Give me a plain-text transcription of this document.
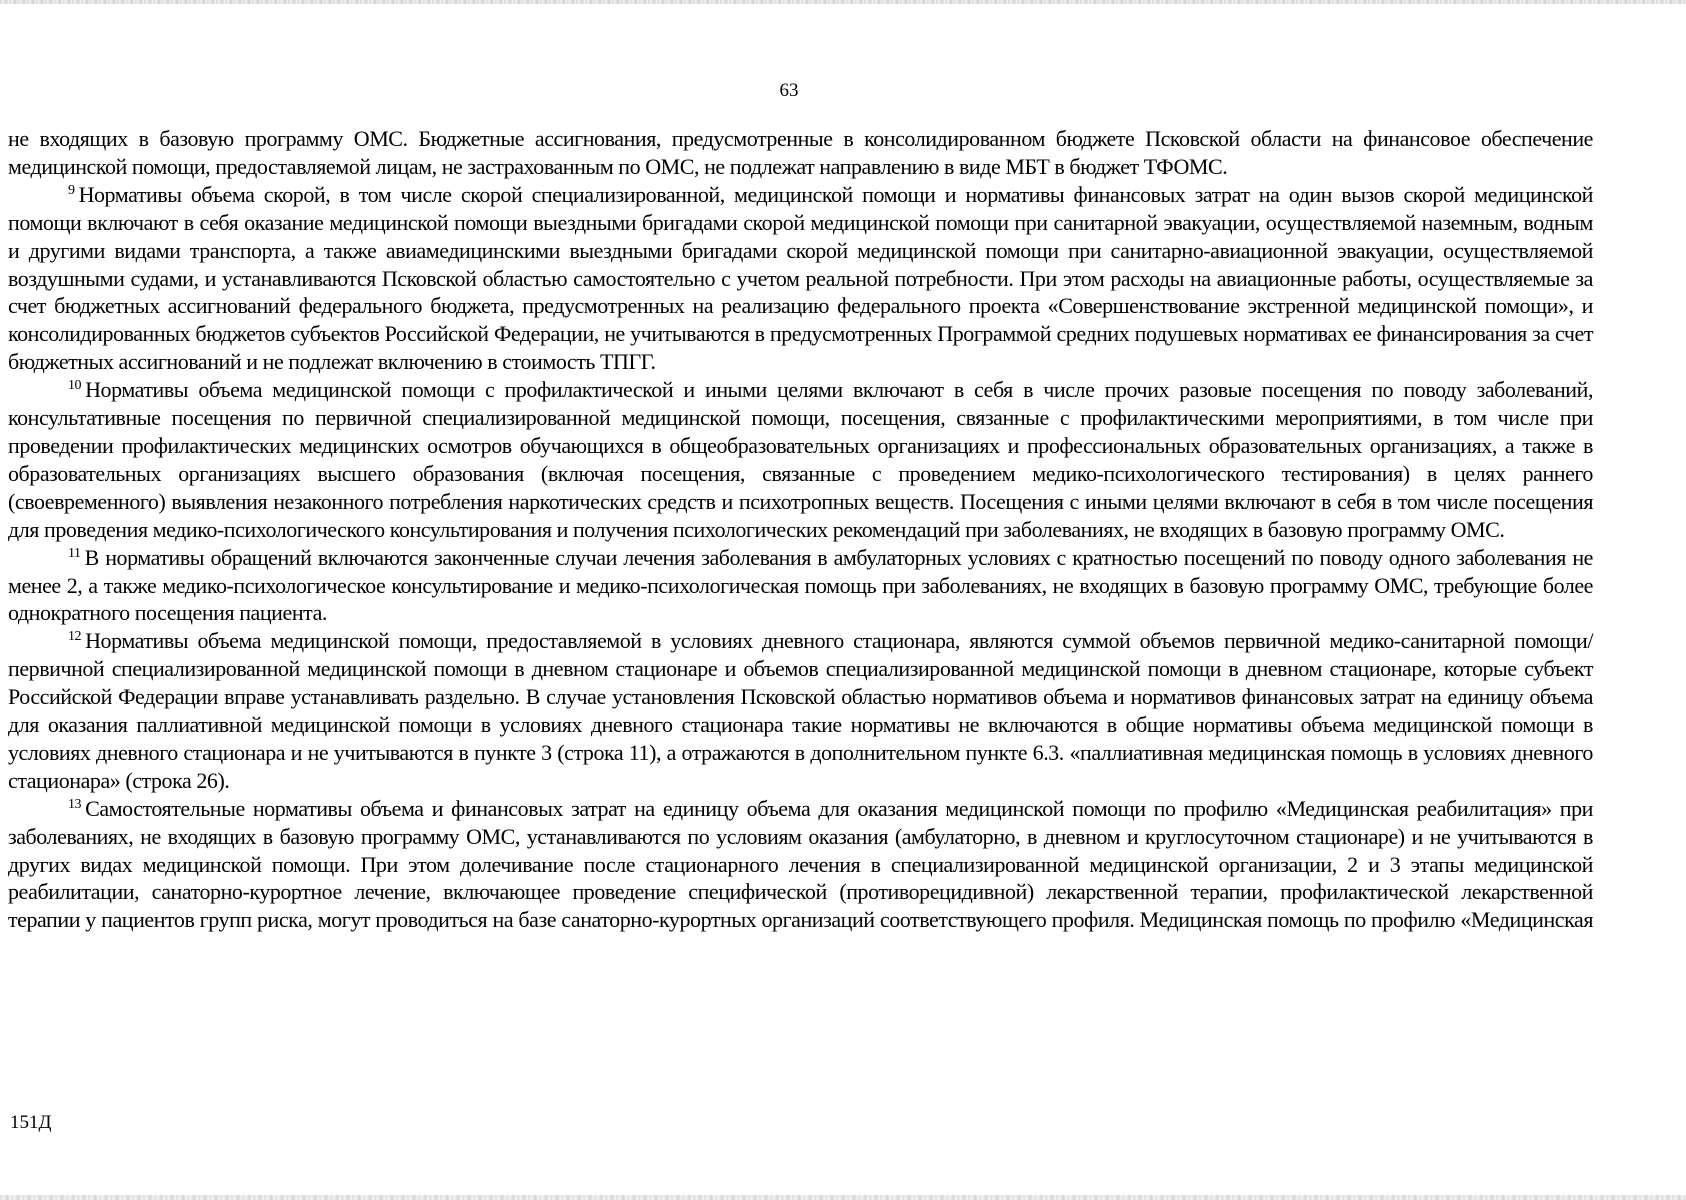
63

не входящих в базовую программу ОМС. Бюджетные ассигнования, предусмотренные в консолидированном бюджете Псковской области на финансовое обеспечение медицинской помощи, предоставляемой лицам, не застрахованным по ОМС, не подлежат направлению в виде МБТ в бюджет ТФОМС.

$^9$ Нормативы объема скорой, в том числе скорой специализированной, медицинской помощи и нормативы финансовых затрат на один вызов скорой медицинской помощи включают в себя оказание медицинской помощи выездными бригадами скорой медицинской помощи при санитарной эвакуации, осуществляемой наземным, водным и другими видами транспорта, а также авиамедицинскими выездными бригадами скорой медицинской помощи при санитарно-авиационной эвакуации, осуществляемой воздушными судами, и устанавливаются Псковской областью самостоятельно с учетом реальной потребности. При этом расходы на авиационные работы, осуществляемые за счет бюджетных ассигнований федерального бюджета, предусмотренных на реализацию федерального проекта «Совершенствование экстренной медицинской помощи», и консолидированных бюджетов субъектов Российской Федерации, не учитываются в предусмотренных Программой средних подушевых нормативах ее финансирования за счет бюджетных ассигнований и не подлежат включению в стоимость ТПГГ.

$^{10}$ Нормативы объема медицинской помощи с профилактической и иными целями включают в себя в числе прочих разовые посещения по поводу заболеваний, консультативные посещения по первичной специализированной медицинской помощи, посещения, связанные с профилактическими мероприятиями, в том числе при проведении профилактических медицинских осмотров обучающихся в общеобразовательных организациях и профессиональных образовательных организациях, а также в образовательных организациях высшего образования (включая посещения, связанные с проведением медико-психологического тестирования) в целях раннего (своевременного) выявления незаконного потребления наркотических средств и психотропных веществ. Посещения с иными целями включают в себя в том числе посещения для проведения медико-психологического консультирования и получения психологических рекомендаций при заболеваниях, не входящих в базовую программу ОМС.

$^{11}$ В нормативы обращений включаются законченные случаи лечения заболевания в амбулаторных условиях с кратностью посещений по поводу одного заболевания не менее 2, а также медико-психологическое консультирование и медико-психологическая помощь при заболеваниях, не входящих в базовую программу ОМС, требующие более однократного посещения пациента.

$^{12}$ Нормативы объема медицинской помощи, предоставляемой в условиях дневного стационара, являются суммой объемов первичной медико-санитарной помощи/первичной специализированной медицинской помощи в дневном стационаре и объемов специализированной медицинской помощи в дневном стационаре, которые субъект Российской Федерации вправе устанавливать раздельно. В случае установления Псковской областью нормативов объема и нормативов финансовых затрат на единицу объема для оказания паллиативной медицинской помощи в условиях дневного стационара такие нормативы не включаются в общие нормативы объема медицинской помощи в условиях дневного стационара и не учитываются в пункте 3 (строка 11), а отражаются в дополнительном пункте 6.3. «паллиативная медицинская помощь в условиях дневного стационара» (строка 26).

$^{13}$ Самостоятельные нормативы объема и финансовых затрат на единицу объема для оказания медицинской помощи по профилю «Медицинская реабилитация» при заболеваниях, не входящих в базовую программу ОМС, устанавливаются по условиям оказания (амбулаторно, в дневном и круглосуточном стационаре) и не учитываются в других видах медицинской помощи. При этом долечивание после стационарного лечения в специализированной медицинской организации, 2 и 3 этапы медицинской реабилитации, санаторно-курортное лечение, включающее проведение специфической (противорецидивной) лекарственной терапии, профилактической лекарственной терапии у пациентов групп риска, могут проводиться на базе санаторно-курортных организаций соответствующего профиля. Медицинская помощь по профилю «Медицинская

151Д
